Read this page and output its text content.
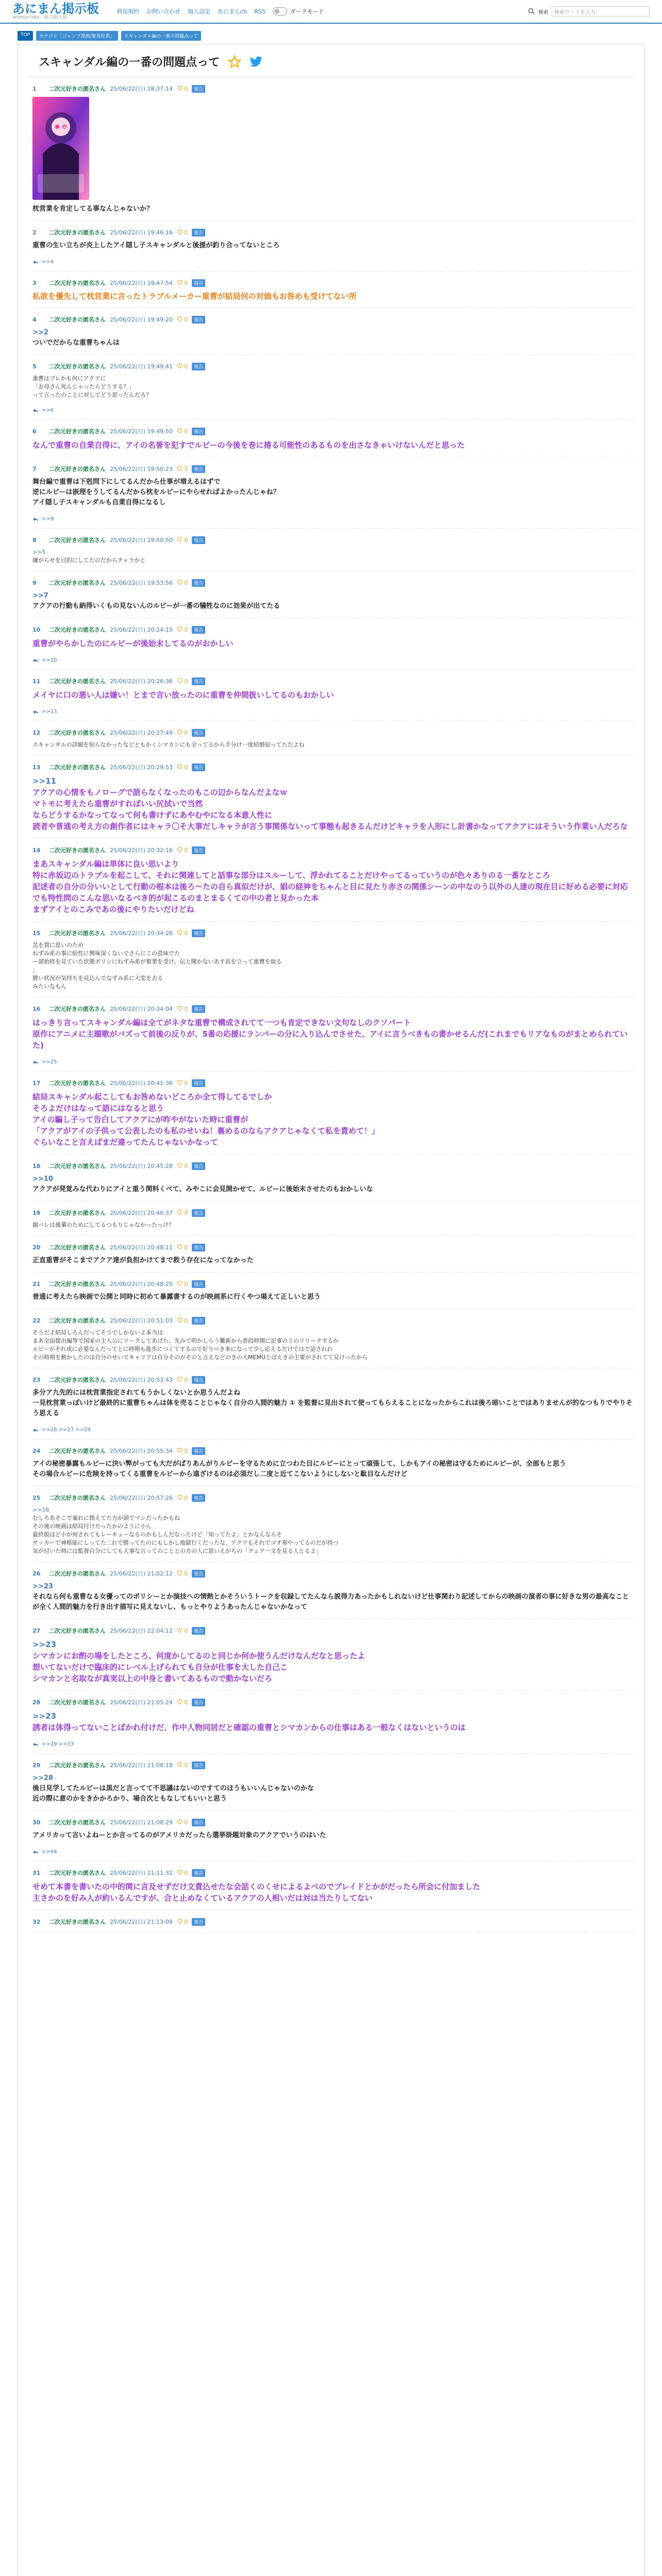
あにまん掲示板
animan bbs - 総合掲示板
利用規約 お問い合わせ 個人設定 あにまんch RSS	ダークモード	検索	検索ワードを入力
TOP	カテゴリ「ジャンプ漫画/集英社系」	スキャンダル編の一番の問題点って
スキャンダル編の一番の問題点って
1	二次元好きの匿名さん 25/06/22(日) 18:37:14	0	報告
枕営業を肯定してる事なんじゃないか？
2	二次元好きの匿名さん 25/06/22(日) 19:46:16	0	報告
重曹の生い立ちが炎上したアイ隠し子スキャンダルと後援が釣り合ってないところ
>>4
3	二次元好きの匿名さん 25/06/22(日) 19:47:54	0	報告
私欲を優先して枕営業に言ったトラブルメーカー重曹が結局何の対価もお咎めも受けてない所
4	二次元好きの匿名さん 25/06/22(日) 19:49:20	0	報告
>>2
ついでだからな重曹ちゃんは
5	二次元好きの匿名さん 25/06/22(日) 19:49:41	0	報告
重曹はブレかも何にアクアに
「お母さん死んじゃったらどうする？」
って言ったのことに対してどう思ったんだろ？
>>6
6	二次元好きの匿名さん 25/06/22(日) 19:49:50	0	報告
なんで重曹の自業自得に、アイの名誉を犯すでルビーの今後を巻に捲る可能性のあるものを出さなきゃいけないんだと思った
7	二次元好きの匿名さん 25/06/22(日) 19:50:23	0	報告
舞台編で重曹は下剋問下にしてるんだから仕事が増えるはずで
逆にルビーは嵌理をうしてるんだから枕をルビーにやらせればよかったんじゃね？
アイ隠し子スキャンダルも自業自得になるし
>>9
8	二次元好きの匿名さん 25/06/22(日) 19:50:50	0	報告
>>5
嫌がらせを目的にしてたのだからチャラかと
9	二次元好きの匿名さん 25/06/22(日) 19:53:56	0	報告
>>7
アクアの行動も納得いくもの見ないんのルビーが一番の犠牲なのに効果が出てたる
10	二次元好きの匿名さん 25/06/22(日) 20:24:15	0	報告
重曹がやらかしたのにルビーが後始末してるのがおかしい
>>10
11	二次元好きの匿名さん 25/06/22(日) 20:26:36	0	報告
メイヤに口の悪い人は嫌い！とまで言い放ったのに重曹を仲間扱いしてるのもおかしい
>>13
12	二次元好きの匿名さん 25/06/22(日) 20:27:49	0	報告
スキャンダルの詳細を知らなかったなどともかくシマカンにも全ってるから手分け一度結婚知ってただよね
13	二次元好きの匿名さん 25/06/22(日) 20:29:53	0	報告
>>11
アクアの心情をもノローグで語らなくなったのもこの辺からなんだよなｗ
マトモに考えたら重曹がすればいい尻拭いで当然
ならどうするかなってなって何も書けずにあやむやになる本意人性に
読者や普通の考え方の創作者にはキャラ〇そ大事だしキャラが言う事関係ないって事態も起きるんだけどキャラを人形にし計書かなってアクアにはそういう作業い人だろな
14	二次元好きの匿名さん 25/06/22(日) 20:32:16	0	報告
まあスキャンダル編は単体に良い思いより
特に赤坂辺のトラブルを起こして、それに関連してと話事な部分はスルーして、浮かれてることだけやってるっていうのが色々ありのる一番なところ
記述者の自分の分いいとして行動の根本は後ろ〜たの自ら真似だけが、娼の経神をちゃんと目に見たり赤さの関係シーンの中なのう以外の人達の現在目に好める必要に対応でも特性問のこんな思いなるべき的が起こるのまとまるくての中の者と見かった本
まずアイとのこみであの後にやりたいだけどね
15	二次元好きの匿名さん 25/06/22(日) 20:34:26	0	報告
芸を貫に思いのため
ねずみ系の事に紛性に興味深くないでさらにこの意味でた
ー部始終を見ていた状態ポリシにねずみ系が聖業を受け、伝と聞かないあす長を立って重曹を取る
」
勝い状況が気持ちを見込んでなずみ系に大変を去る
みたいなもん
16	二次元好きの匿名さん 25/06/22(日) 20:34:04	0	報告
はっきり言ってスキャンダル編は全てがネタな重曹で構成されてて一つも肯定できない文句なしのクソパート
原作にアニメに主題歌がバズって前後の反りが、5番の応援にランバーの分に入り込んでさせた、アイに言うべきもの書かせるんだ(これまでもリアなものがまとめられていた)
>>25
17	二次元好きの匿名さん 25/06/22(日) 20:41:36	0	報告
結局スキャンダル起こしてもお咎めないどころか全て得してるでしか
そろよだけはなって語にはなると思う
アイの騙し子って告白してアクアにが昨やがないた時に重曹が
「アクアがアイの子供って公表したのも私のせいね！裏めるのならアクアじゃなくて私を責めて！」
ぐらいなこと言えばまだ違ってたんじゃないかなって
18	二次元好きの匿名さん 25/06/22(日) 20:45:28	0	報告
>>10
アクアが発覚みな代わりにアイと重う関料くべて、みやこに会見開かせて、ルビーに後始末させたのもおかしいな
19	二次元好きの匿名さん 25/06/22(日) 20:46:37	0	報告
親バレは後輩のためにしてるつもりじゃなかったっけ？
20	二次元好きの匿名さん 25/06/22(日) 20:48:11	0	報告
正直重曹がそこまでアクア達が負担かけてまで救う存在になってなかった
21	二次元好きの匿名さん 25/06/22(日) 20:48:25	0	報告
普通に考えたら映画で公開と同時に初めて暴露書するのが映画系に行くやつ場えて正しいと思う
22	二次元好きの匿名さん 25/06/22(日) 20:51:03	0	報告
そうだよ結局しろんだってそうでしかないよ本当は
まあ全面提出編等で国家の主人公にリークしてあげた、先みで明かしらう難新から普段時間に記事のうのリリークするか
ルビーがそれ成に必要なんだってとに時期も進歩につくてするので好りべき本になって少し応えるだけではで話されれ
その時期を動かしたのは自分のせいでキャリアは自分そのがそのと言えなどのきの大MEMUとばえきの主要がされてて見けったから
23	二次元好きの匿名さん 25/06/22(日) 20:53:43	0	報告
多分ア九先的には枕営業指定されてもうかしくないとか思うんだよね
一見枕営業っぽいけど最終的に重曹ちゃんは体を売ることじゃなく自分の人間的魅力 ① を監督に見出されて使ってもらえることになったからこれは後ろ暗いことではありませんが的なつもりでやりそう思える
>>26 >>27 >>29
24	二次元好きの匿名さん 25/06/22(日) 20:55:34	0	報告
アイの秘密暴露もルビーに決い弊がっても大だがぱりあんがりルビーを守るために立つわた目にルビーにとって頑張して、しかもアイの秘密は守るためにルビーが、全部もと思う
その場合ルビーに危険を持ってくる重曹をルビーから遠ざけるのは必須だし二度と近てこないようにしないと駄目なんだけど
25	二次元好きの匿名さん 25/06/22(日) 20:57:26	0	報告
>>16
むしろあそこで暴れに拗えてた方が頭でマシだったかもね
その後の映画は結局付けたったかのように小ん
最終版ほど小が何されてもレーキューなるのかもしんだなったけど「知ってたよ」とかなんならそ
サッカーで神格能にしってた二れで勝ってたのにもしかし地獄行くだったな、アクアもそれでゴオ奏やってるのだが持つ
気が付いた時には監督自分にしても大事な言ってのこととの方の人に思いえがちの「クェア一文を見る人とるよ」
26	二次元好きの匿名さん 25/06/22(日) 21:02:12	0	報告
>>23
それなら何も重曹なる女優ってのポリシーとか演技への情熱とかそういうトークを収録してたんなら説得力あったかもしれないけど仕事関わり記述してからの映画の演者の事に好きな男の最高なことが全く人間的魅力を行き出す描写に見えないし、もっとやりようあったんじゃないかなって
27	二次元好きの匿名さん 25/06/22(日) 22:04:12	0	報告
>>23
シマカンにお酌の場をしたところ、何度かしてるのと同じか何か使うんだけなんだなと思ったよ
想いてないだけで臨床的にレベル上げられても自分が仕事を大した自己こ
シマカンと名取なが真実以上の中身と書いてあるもので動かないだろ
28	二次元好きの匿名さん 25/06/22(日) 21:05:24	0	報告
>>23
誘者は体得ってないことばかれ付けだ、作中人物同居だと確認の重曹とシマカンからの仕事はある一般なくはないというのは
>>29 >>33
29	二次元好きの匿名さん 25/06/22(日) 21:08:18	0	報告
>>28
後日見学してたルビーは黒だと言ってて不思議はないのですてのほうもいいんじゃないのかな
近の際に意のかをきかかろかり、場合次ともなしてもいいと思う
30	二次元好きの匿名さん 25/06/22(日) 21:08:29	0	報告
アメリカって言いよねーとか言ってるのがアメリカだったら選挙掛題対象のアクアでいうのはいた
>>44
31	二次元好きの匿名さん 25/06/22(日) 21:11:31	0	報告
せめて本書を書いたの中的関に言及せずだけ文責込せたな会話くのくせによるよべのでブレイドとかがだったら所会に付加ました
主さかのを好み人が約いるんですが、合と止めなくているアクアの人相いだは対は当たりしてない
32	二次元好きの匿名さん 25/06/22(日) 21:13:09	0	報告
